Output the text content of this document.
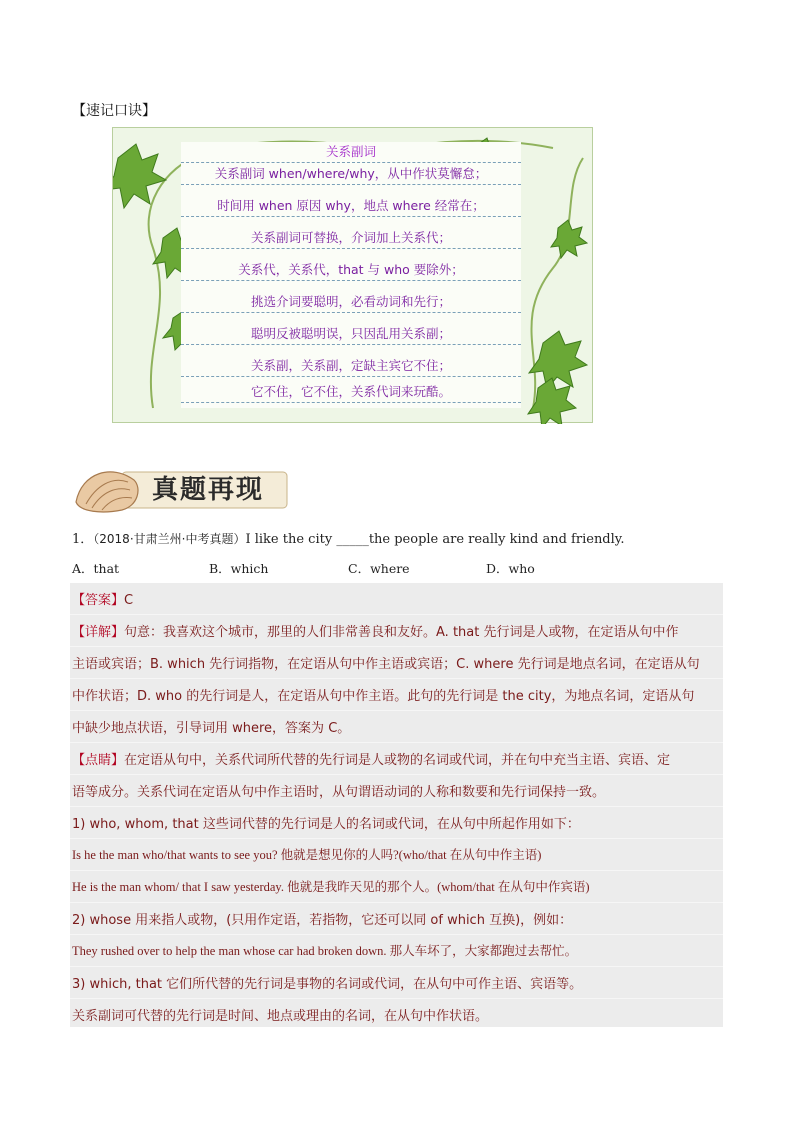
【速记口诀】
关系副词
关系副词 when/where/why，从中作状莫懈怠；
时间用 when 原因 why，地点 where 经常在；
关系副词可替换，介词加上关系代；
关系代，关系代，that 与 who 要除外；
挑选介词要聪明，必看动词和先行；
聪明反被聪明误，只因乱用关系副；
关系副，关系副，定缺主宾它不住；
它不住，它不住，关系代词来玩酷。
真题再现
1．（2018·甘肃兰州·中考真题）I like the city _____the people are really kind and friendly.
A．that	B．which	C．where	D．who
【答案】C
【详解】句意：我喜欢这个城市，那里的人们非常善良和友好。A. that 先行词是人或物，在定语从句中作
主语或宾语；B. which 先行词指物，在定语从句中作主语或宾语；C. where 先行词是地点名词，在定语从句
中作状语；D. who 的先行词是人，在定语从句中作主语。此句的先行词是 the city，为地点名词，定语从句
中缺少地点状语，引导词用 where，答案为 C。
【点睛】在定语从句中，关系代词所代替的先行词是人或物的名词或代词，并在句中充当主语、宾语、定
语等成分。关系代词在定语从句中作主语时，从句谓语动词的人称和数要和先行词保持一致。
1) who, whom, that 这些词代替的先行词是人的名词或代词，在从句中所起作用如下：
Is he the man who/that wants to see you? 他就是想见你的人吗?(who/that 在从句中作主语)
He is the man whom/ that I saw yesterday. 他就是我昨天见的那个人。(whom/that 在从句中作宾语)
2) whose 用来指人或物，(只用作定语，若指物，它还可以同 of which 互换)，例如：
They rushed over to help the man whose car had broken down. 那人车坏了，大家都跑过去帮忙。
3) which, that 它们所代替的先行词是事物的名词或代词，在从句中可作主语、宾语等。
关系副词可代替的先行词是时间、地点或理由的名词，在从句中作状语。
